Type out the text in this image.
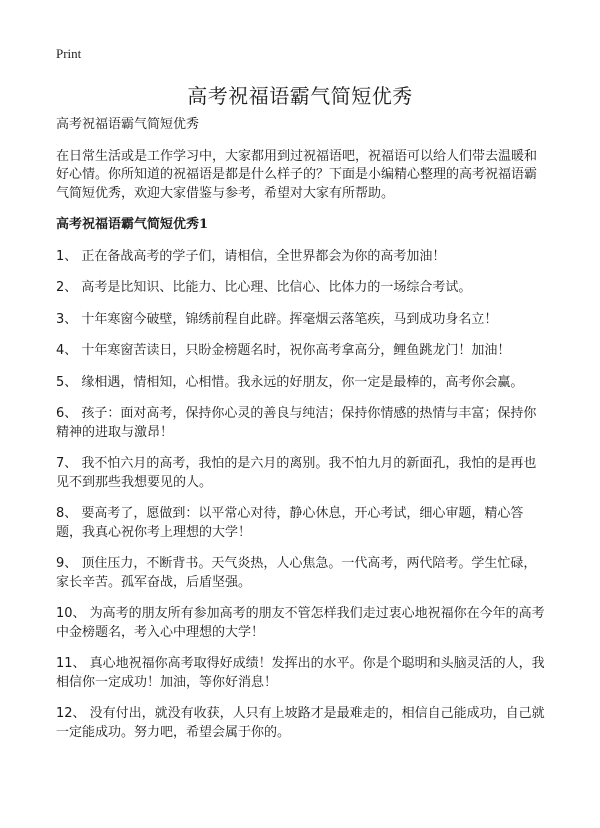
Print
高考祝福语霸气简短优秀

高考祝福语霸气简短优秀

在日常生活或是工作学习中，大家都用到过祝福语吧，祝福语可以给人们带去温暖和好心情。你所知道的祝福语是都是什么样子的？下面是小编精心整理的高考祝福语霸气简短优秀，欢迎大家借鉴与参考，希望对大家有所帮助。

高考祝福语霸气简短优秀1

1、 正在备战高考的学子们，请相信，全世界都会为你的高考加油！
2、 高考是比知识、比能力、比心理、比信心、比体力的一场综合考试。
3、 十年寒窗今破壁，锦绣前程自此辟。挥毫烟云落笔疾，马到成功身名立！
4、 十年寒窗苦读日，只盼金榜题名时，祝你高考拿高分，鲤鱼跳龙门！加油！
5、 缘相遇，情相知，心相惜。我永远的好朋友，你一定是最棒的，高考你会赢。
6、 孩子：面对高考，保持你心灵的善良与纯洁；保持你情感的热情与丰富；保持你精神的进取与激昂！
7、 我不怕六月的高考，我怕的是六月的离别。我不怕九月的新面孔，我怕的是再也见不到那些我想要见的人。
8、 要高考了，愿做到：以平常心对待，静心休息，开心考试，细心审题，精心答题，我真心祝你考上理想的大学！
9、 顶住压力，不断背书。天气炎热，人心焦急。一代高考，两代陪考。学生忙碌，家长辛苦。孤军奋战，后盾坚强。
10、 为高考的朋友所有参加高考的朋友不管怎样我们走过衷心地祝福你在今年的高考中金榜题名，考入心中理想的大学！
11、 真心地祝福你高考取得好成绩！发挥出的水平。你是个聪明和头脑灵活的人，我相信你一定成功！加油，等你好消息！
12、 没有付出，就没有收获，人只有上坡路才是最难走的，相信自己能成功，自己就一定能成功。努力吧，希望会属于你的。
